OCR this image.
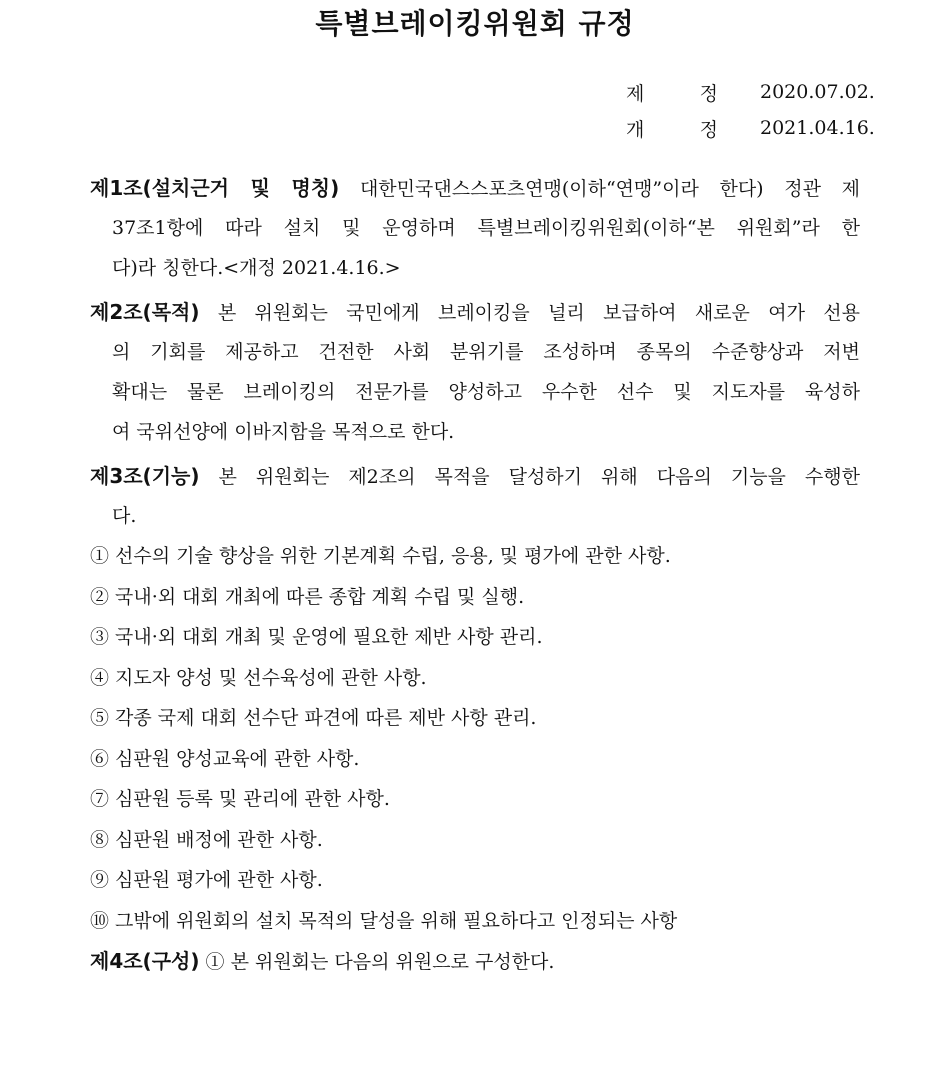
특별브레이킹위원회 규정
제	정 2020.07.02.
개	정 2021.04.16.
제1조(설치근거 및 명칭) 대한민국댄스스포츠연맹(이하“연맹”이라 한다) 정관 제
37조1항에 따라 설치 및 운영하며 특별브레이킹위원회(이하“본 위원회”라 한
다)라 칭한다.<개정 2021.4.16.>
제2조(목적) 본 위원회는 국민에게 브레이킹을 널리 보급하여 새로운 여가 선용
의 기회를 제공하고 건전한 사회 분위기를 조성하며 종목의 수준향상과 저변
확대는 물론 브레이킹의 전문가를 양성하고 우수한 선수 및 지도자를 육성하
여 국위선양에 이바지함을 목적으로 한다.
제3조(기능) 본 위원회는 제2조의 목적을 달성하기 위해 다음의 기능을 수행한
다.
① 선수의 기술 향상을 위한 기본계획 수립, 응용, 및 평가에 관한 사항.
② 국내·외 대회 개최에 따른 종합 계획 수립 및 실행.
③ 국내·외 대회 개최 및 운영에 필요한 제반 사항 관리.
④ 지도자 양성 및 선수육성에 관한 사항.
⑤ 각종 국제 대회 선수단 파견에 따른 제반 사항 관리.
⑥ 심판원 양성교육에 관한 사항.
⑦ 심판원 등록 및 관리에 관한 사항.
⑧ 심판원 배정에 관한 사항.
⑨ 심판원 평가에 관한 사항.
⑩ 그밖에 위원회의 설치 목적의 달성을 위해 필요하다고 인정되는 사항
제4조(구성) ① 본 위원회는 다음의 위원으로 구성한다.
